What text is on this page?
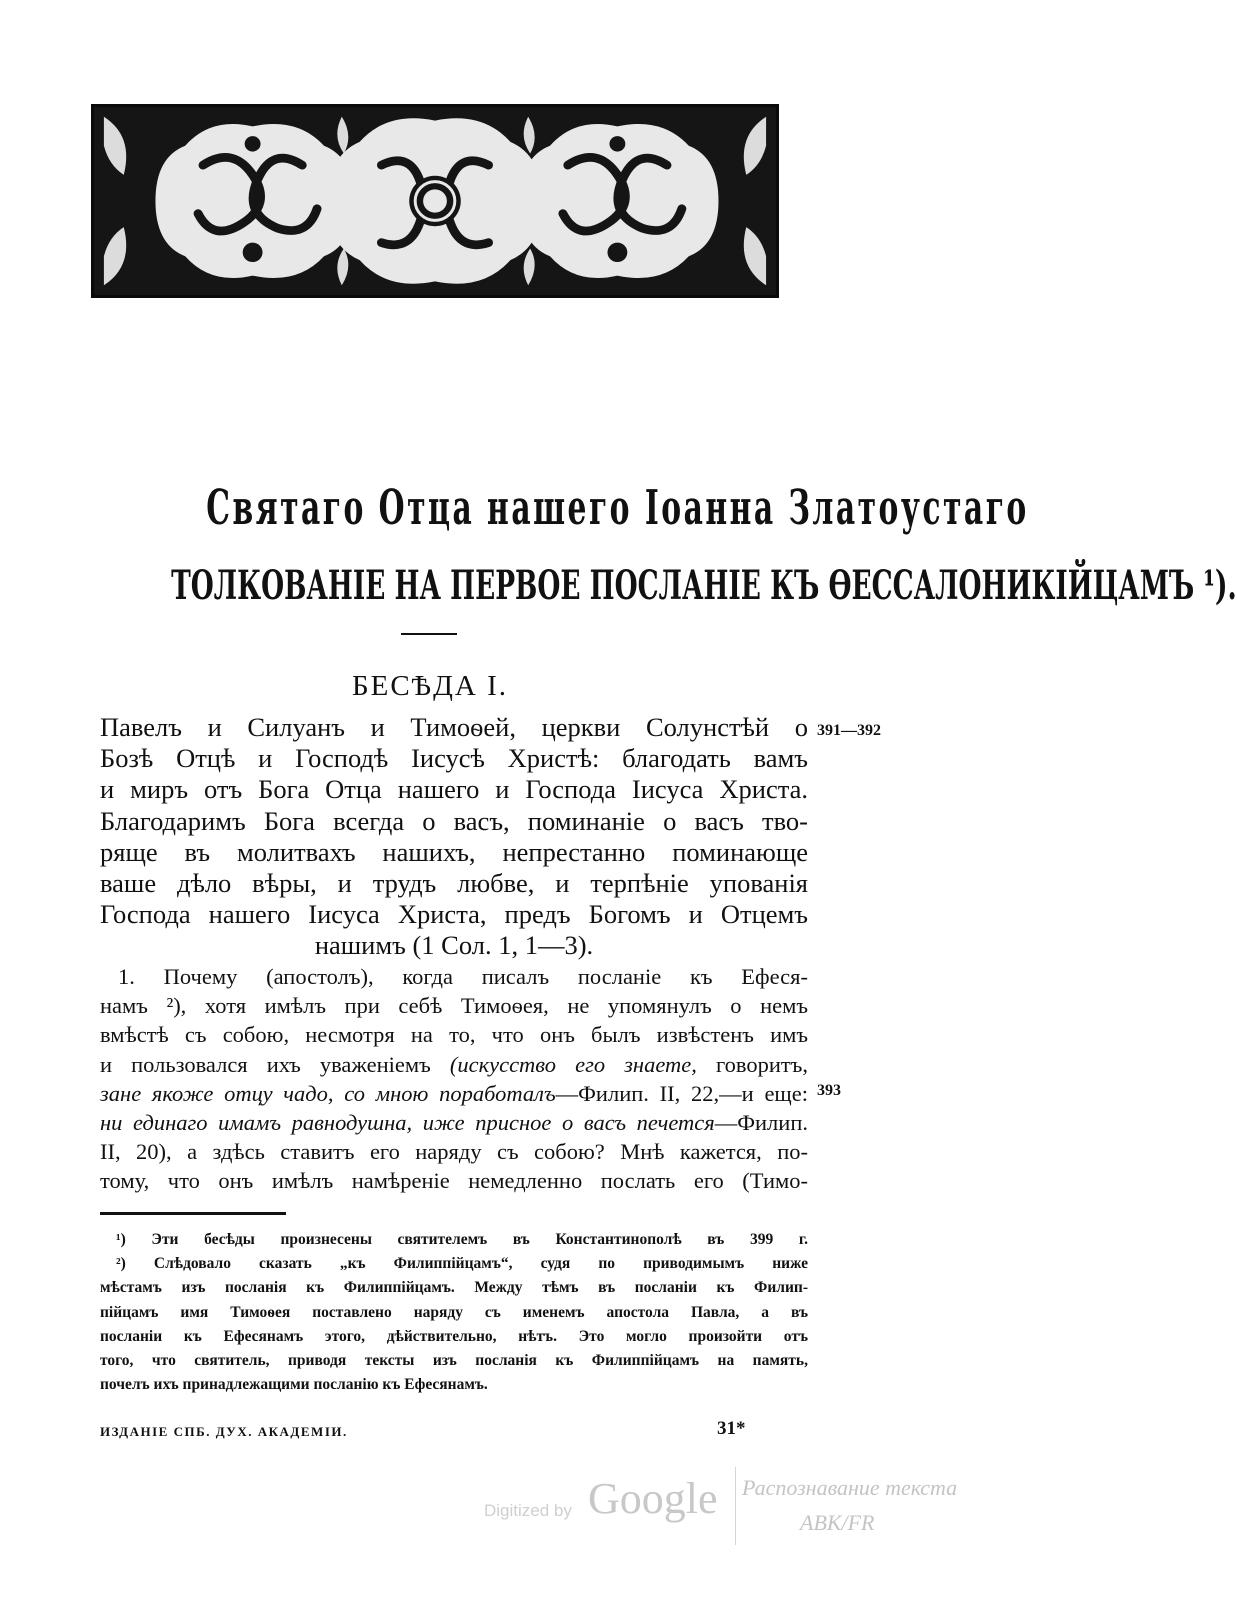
Святаго Отца нашего Іоанна Златоустаго
ТОЛКОВАНІЕ НА ПЕРВОЕ ПОСЛАНІЕ КЪ ѲЕССАЛОНИКІЙЦАМЪ ¹).
БЕСѢДА I.
Павелъ и Силуанъ и Тимоѳей, церкви Солунстѣй о
Бозѣ Отцѣ и Господѣ Іисусѣ Христѣ: благодать вамъ
и миръ отъ Бога Отца нашего и Господа Іисуса Христа.
Благодаримъ Бога всегда о васъ, поминаніе о васъ тво-
рящe въ молитвахъ нашихъ, непрестанно поминающе
ваше дѣло вѣры, и трудъ любве, и терпѣніе упованія
Господа нашего Іисуса Христа, предъ Богомъ и Отцемъ
нашимъ (1 Сол. 1, 1—3).
391—392
393
1. Почему (апостолъ), когда писалъ посланіе къ Ефеся-
намъ ²), хотя имѣлъ при себѣ Тимоѳея, не упомянулъ о немъ
вмѣстѣ съ собою, несмотря на то, что онъ былъ извѣстенъ имъ
и пользовался ихъ уваженіемъ (искусство его знаете, говоритъ,
зане якоже отцу чадо, со мною поработалъ—Филип. II, 22,—и еще:
ни единаго имамъ равнодушна, иже присное о васъ печется—Филип.
II, 20), а здѣсь ставитъ его наряду съ собою? Мнѣ кажется, по-
тому, что онъ имѣлъ намѣреніе немедленно послать его (Тимо-
¹) Эти бесѣды произнесены святителемъ въ Константинополѣ въ 399 г.
²) Слѣдовало сказать „къ Филиппійцамъ“, судя по приводимымъ ниже
мѣстамъ изъ посланія къ Филиппійцамъ. Между тѣмъ въ посланіи къ Филип-
пійцамъ имя Тимоѳея поставлено наряду съ именемъ апостола Павла, а въ
посланіи къ Ефесянамъ этого, дѣйствительно, нѣтъ. Это могло произойти отъ
того, что святитель, приводя тексты изъ посланія къ Филиппійцамъ на память,
почелъ ихъ принадлежащими посланію къ Ефесянамъ.
ИЗДАНІЕ СПБ. ДУХ. АКАДЕМІИ.	31*
Digitized by Google Распознавание текста
АВК/FR
